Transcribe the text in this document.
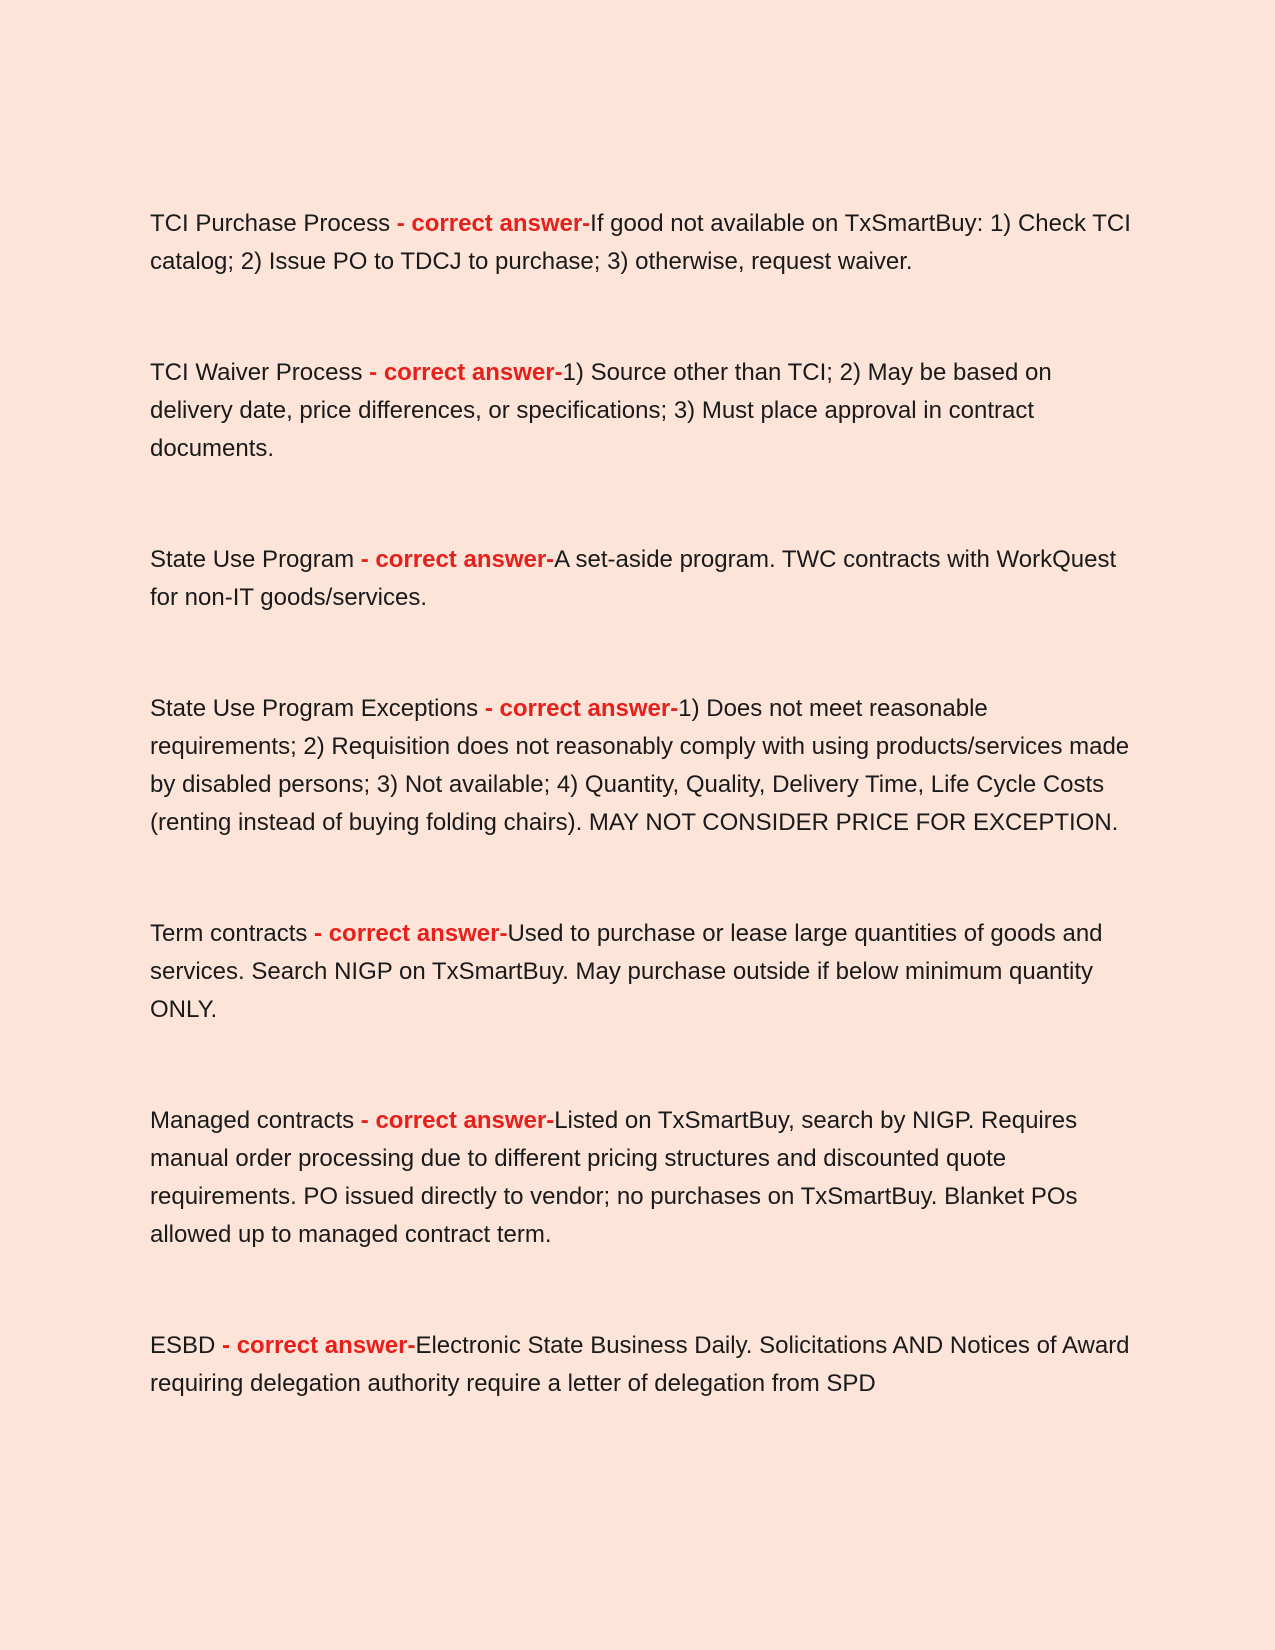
TCI Purchase Process - correct answer-If good not available on TxSmartBuy: 1) Check TCI catalog; 2) Issue PO to TDCJ to purchase; 3) otherwise, request waiver.

TCI Waiver Process - correct answer-1) Source other than TCI; 2) May be based on delivery date, price differences, or specifications; 3) Must place approval in contract documents.

State Use Program - correct answer-A set-aside program. TWC contracts with WorkQuest for non-IT goods/services.

State Use Program Exceptions - correct answer-1) Does not meet reasonable requirements; 2) Requisition does not reasonably comply with using products/services made by disabled persons; 3) Not available; 4) Quantity, Quality, Delivery Time, Life Cycle Costs (renting instead of buying folding chairs). MAY NOT CONSIDER PRICE FOR EXCEPTION.

Term contracts - correct answer-Used to purchase or lease large quantities of goods and services. Search NIGP on TxSmartBuy. May purchase outside if below minimum quantity ONLY.

Managed contracts - correct answer-Listed on TxSmartBuy, search by NIGP. Requires manual order processing due to different pricing structures and discounted quote requirements. PO issued directly to vendor; no purchases on TxSmartBuy. Blanket POs allowed up to managed contract term.

ESBD - correct answer-Electronic State Business Daily. Solicitations AND Notices of Award requiring delegation authority require a letter of delegation from SPD
